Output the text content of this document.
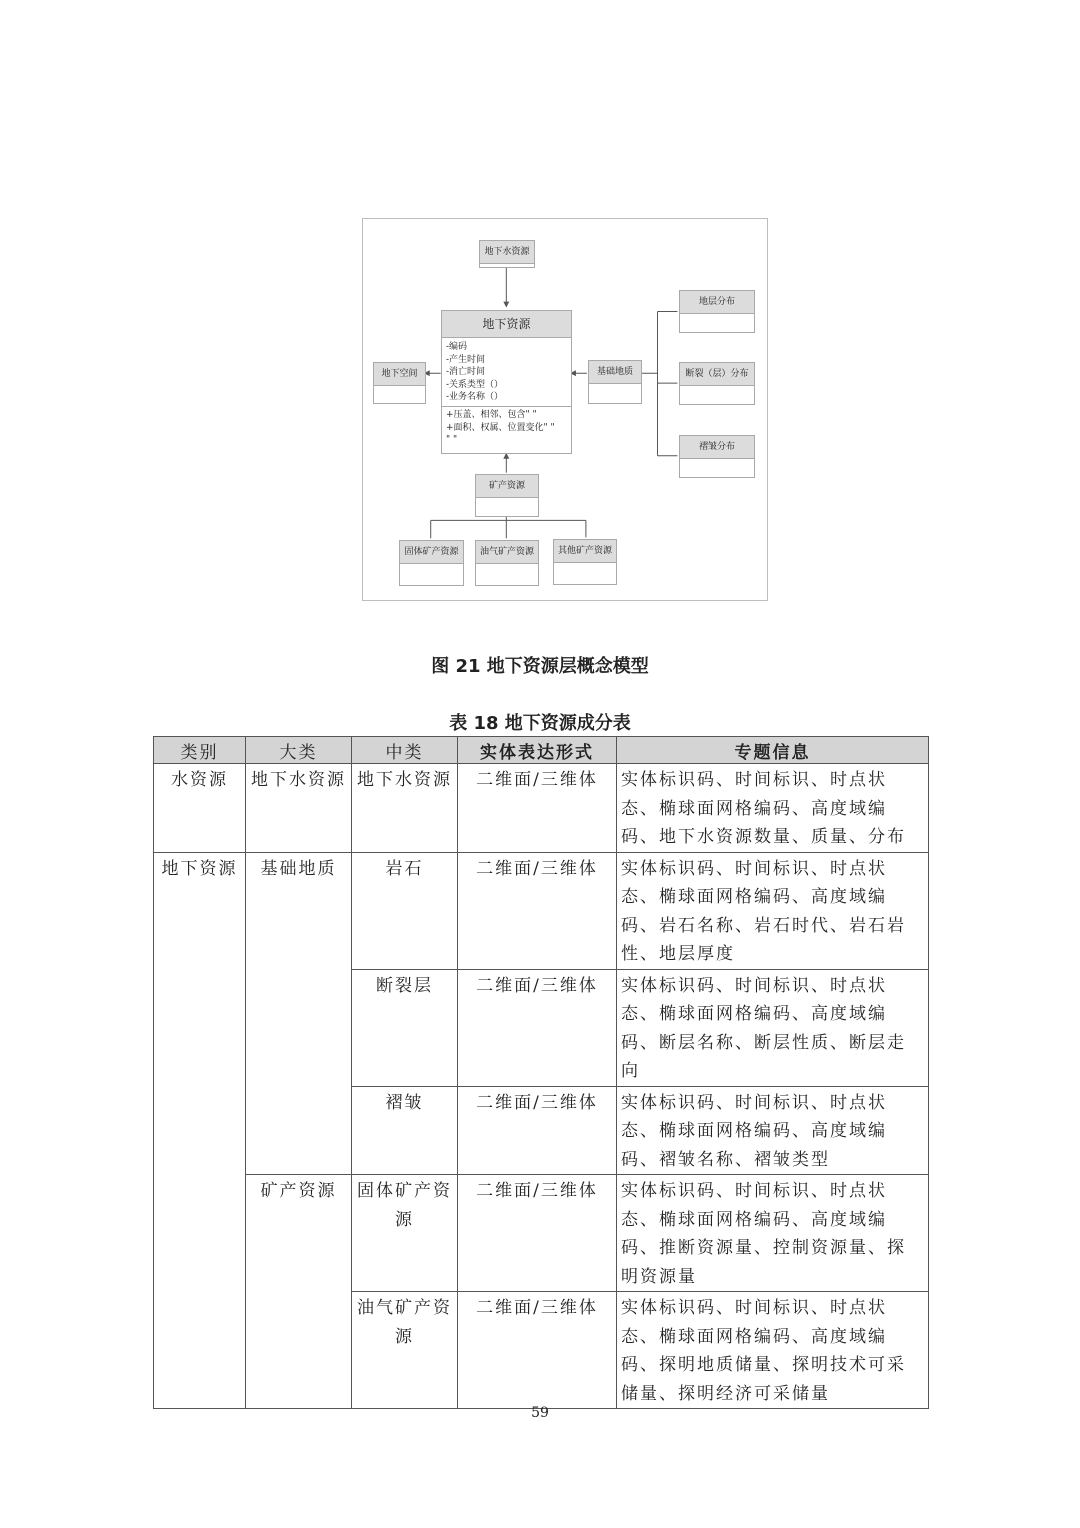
地下水资源
地下资源
-编码
-产生时间
-消亡时间
-关系类型（）
-业务名称（）
+压盖、相邻、包含" "
+面积、权属、位置变化" "
" "
地下空间	基础地质
地层分布
断裂（层）分布
褶皱分布
矿产资源
固体矿产资源	油气矿产资源	其他矿产资源
图 21 地下资源层概念模型
表 18 地下资源成分表
类别	大类	中类	实体表达形式	专题信息
水资源	地下水资源	地下水资源	二维面/三维体	实体标识码、时间标识、时点状态、椭球面网格编码、高度域编码、地下水资源数量、质量、分布
地下资源	基础地质	岩石	二维面/三维体	实体标识码、时间标识、时点状态、椭球面网格编码、高度域编码、岩石名称、岩石时代、岩石岩性、地层厚度
		断裂层	二维面/三维体	实体标识码、时间标识、时点状态、椭球面网格编码、高度域编码、断层名称、断层性质、断层走向
		褶皱	二维面/三维体	实体标识码、时间标识、时点状态、椭球面网格编码、高度域编码、褶皱名称、褶皱类型
	矿产资源	固体矿产资源	二维面/三维体	实体标识码、时间标识、时点状态、椭球面网格编码、高度域编码、推断资源量、控制资源量、探明资源量
		油气矿产资源	二维面/三维体	实体标识码、时间标识、时点状态、椭球面网格编码、高度域编码、探明地质储量、探明技术可采储量、探明经济可采储量
59
